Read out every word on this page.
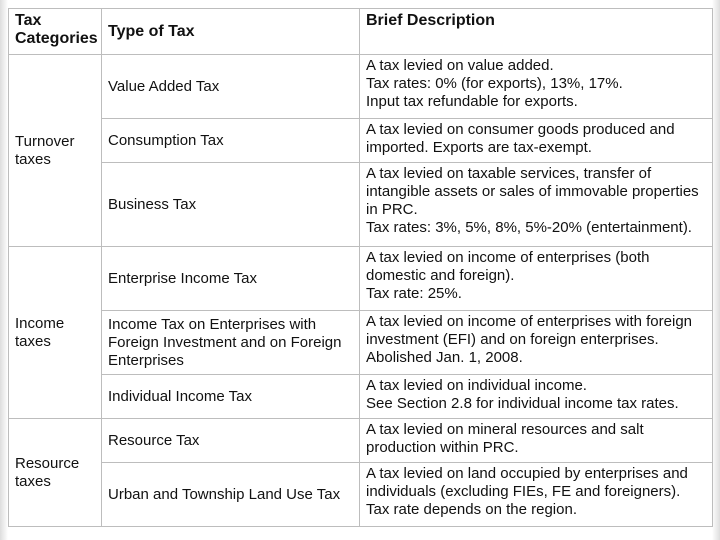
Tax
Categories	Type of Tax	Brief Description
Turnover
taxes	Value Added Tax	A tax levied on value added.
Tax rates: 0% (for exports), 13%, 17%.
Input tax refundable for exports.
	Consumption Tax	A tax levied on consumer goods produced and
imported. Exports are tax-exempt.
	Business Tax	A tax levied on taxable services, transfer of
intangible assets or sales of immovable properties
in PRC.
Tax rates: 3%, 5%, 8%, 5%-20% (entertainment).
Income
taxes	Enterprise Income Tax	A tax levied on income of enterprises (both
domestic and foreign).
Tax rate: 25%.
	Income Tax on Enterprises with
Foreign Investment and on Foreign
Enterprises	A tax levied on income of enterprises with foreign
investment (EFI) and on foreign enterprises.
Abolished Jan. 1, 2008.
	Individual Income Tax	A tax levied on individual income.
See Section 2.8 for individual income tax rates.
Resource
taxes	Resource Tax	A tax levied on mineral resources and salt
production within PRC.
	Urban and Township Land Use Tax	A tax levied on land occupied by enterprises and
individuals (excluding FIEs, FE and foreigners).
Tax rate depends on the region.
